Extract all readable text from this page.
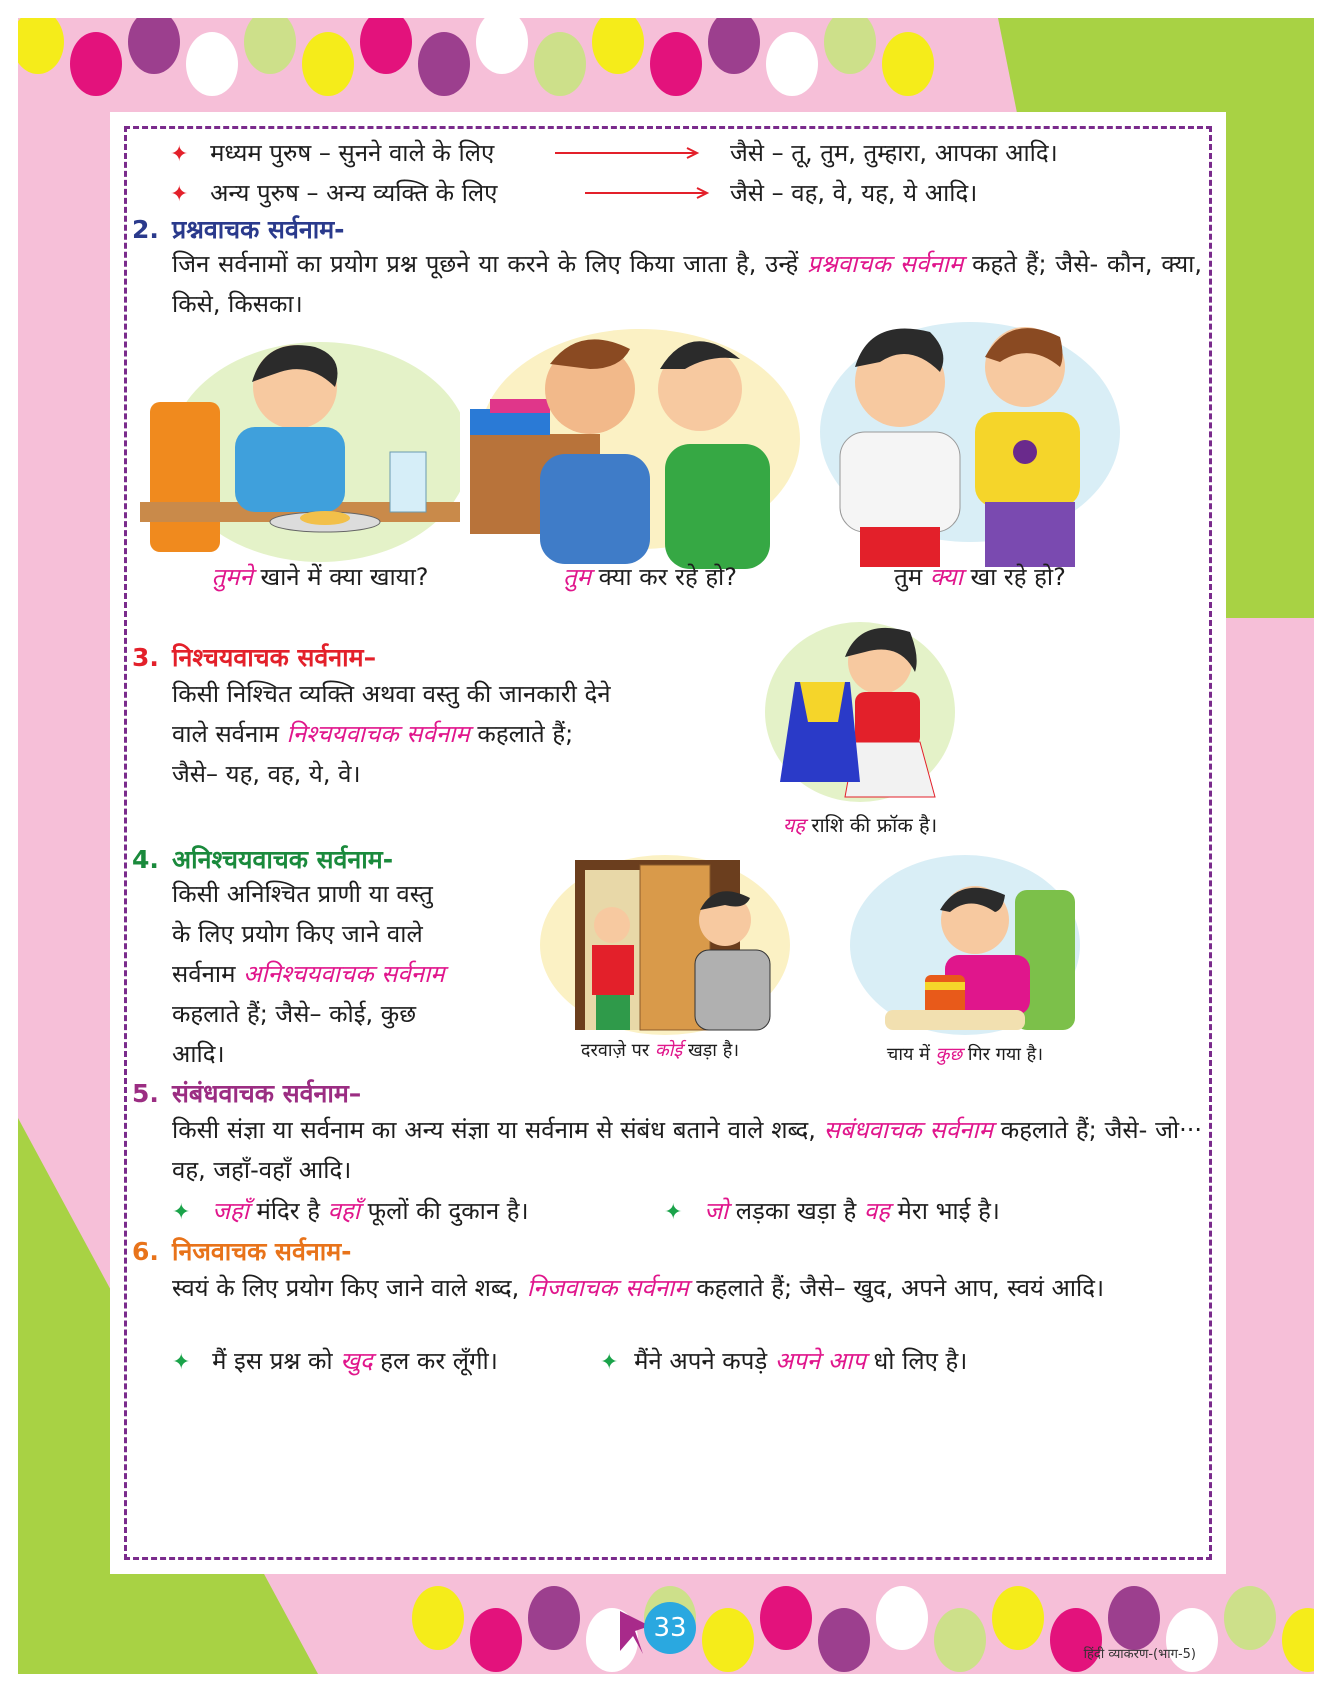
✦ मध्यम पुरुष – सुनने वाले के लिए	जैसे – तू, तुम, तुम्हारा, आपका आदि।
✦ अन्य पुरुष – अन्य व्यक्ति के लिए	जैसे – वह, वे, यह, ये आदि।
2. प्रश्नवाचक सर्वनाम-
जिन सर्वनामों का प्रयोग प्रश्न पूछने या करने के लिए किया जाता है, उन्हें प्रश्नवाचक सर्वनाम कहते हैं; जैसे- कौन, क्या, किसे, किसका।
तुमने खाने में क्या खाया?	तुम क्या कर रहे हो?	तुम क्या खा रहे हो?
3. निश्चयवाचक सर्वनाम–
किसी निश्चित व्यक्ति अथवा वस्तु की जानकारी देने
वाले सर्वनाम निश्चयवाचक सर्वनाम कहलाते हैं;
जैसे– यह, वह, ये, वे।
यह राशि की फ्रॉक है।
4. अनिश्चयवाचक सर्वनाम-
किसी अनिश्चित प्राणी या वस्तु
के लिए प्रयोग किए जाने वाले
सर्वनाम अनिश्चयवाचक सर्वनाम
कहलाते हैं; जैसे– कोई, कुछ
आदि।	दरवाज़े पर कोई खड़ा है।	चाय में कुछ गिर गया है।
5. संबंधवाचक सर्वनाम–
किसी संज्ञा या सर्वनाम का अन्य संज्ञा या सर्वनाम से संबंध बताने वाले शब्द, सबंधवाचक सर्वनाम कहलाते हैं; जैसे- जो··· वह, जहाँ-वहाँ आदि।
✦ जहाँ मंदिर है वहाँ फूलों की दुकान है।	✦ जो लड़का खड़ा है वह मेरा भाई है।
6. निजवाचक सर्वनाम-
स्वयं के लिए प्रयोग किए जाने वाले शब्द, निजवाचक सर्वनाम कहलाते हैं; जैसे– खुद, अपने आप, स्वयं आदि।
✦ मैं इस प्रश्न को खुद हल कर लूँगी।	✦ मैंने अपने कपड़े अपने आप धो लिए है।
33
हिंदी व्याकरण-(भाग-5)
